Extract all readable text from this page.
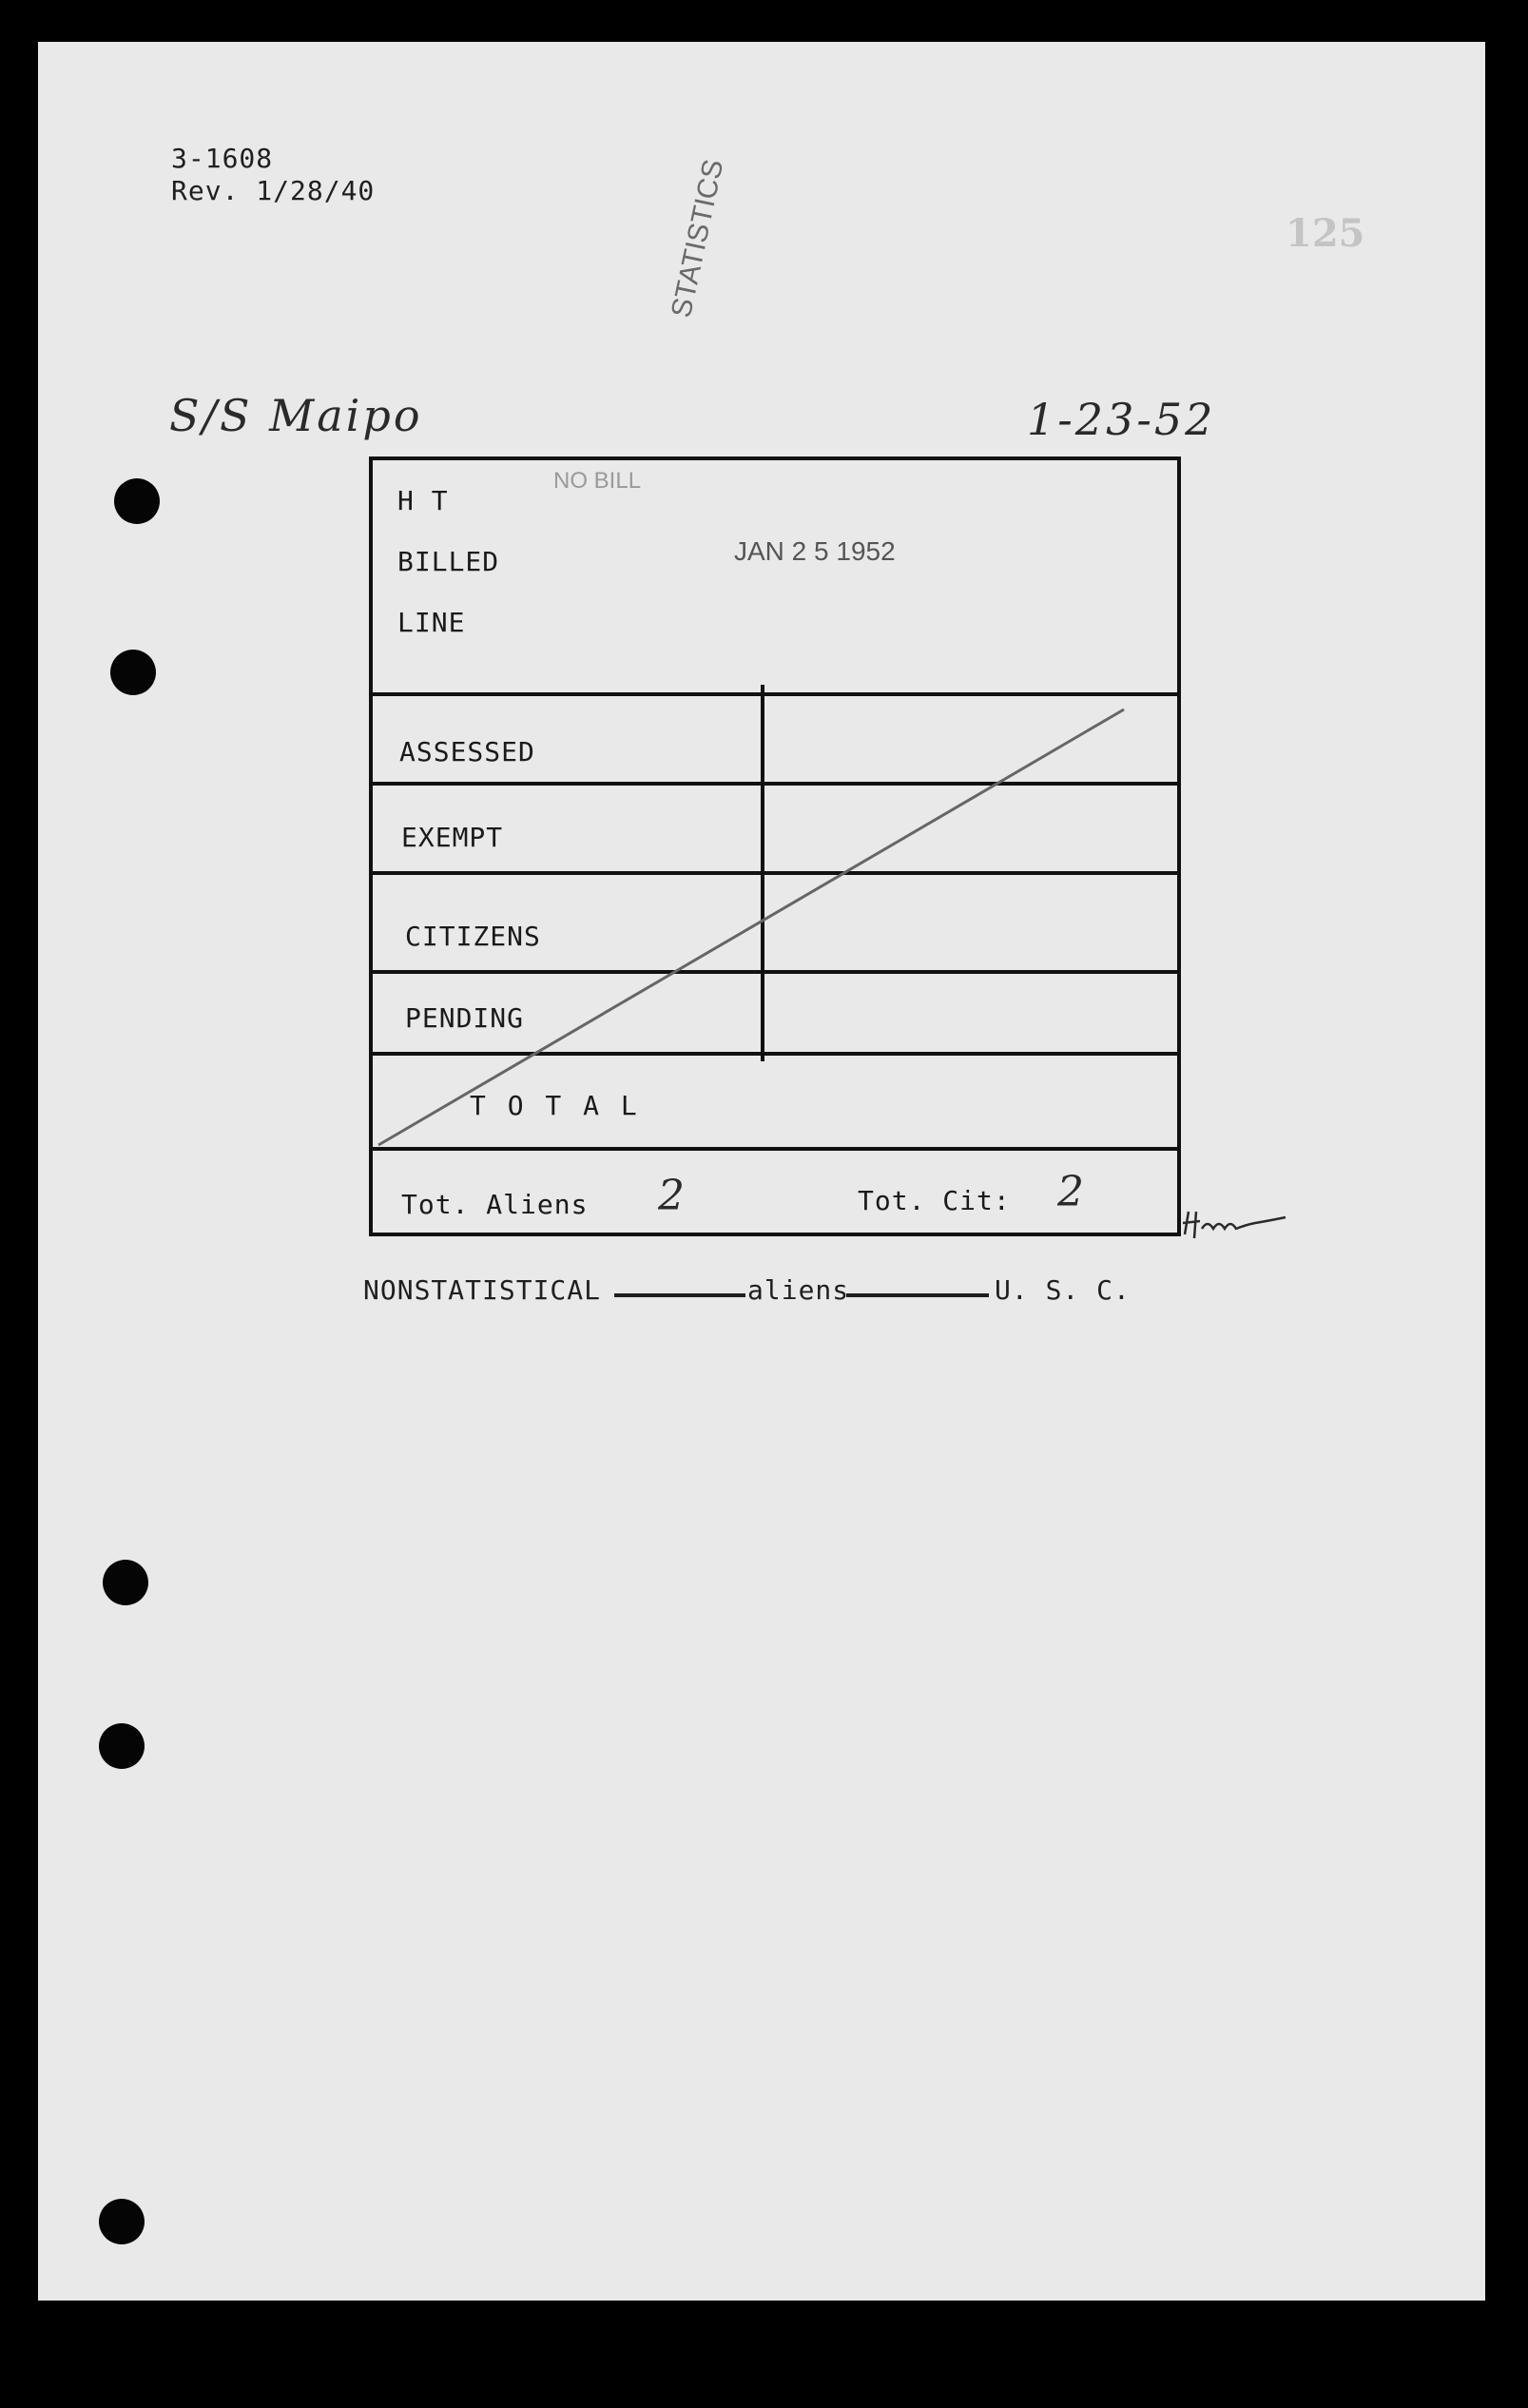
3-1608
Rev. 1/28/40
125
STATISTICS
S/S Maipo	1-23-52
NO BILL
JAN 2 5 1952
H T
BILLED
LINE
ASSESSED
EXEMPT
CITIZENS
PENDING
T O T A L
Tot. Aliens 2	Tot. Cit: 2
NONSTATISTICAL	aliens	U. S. C.
